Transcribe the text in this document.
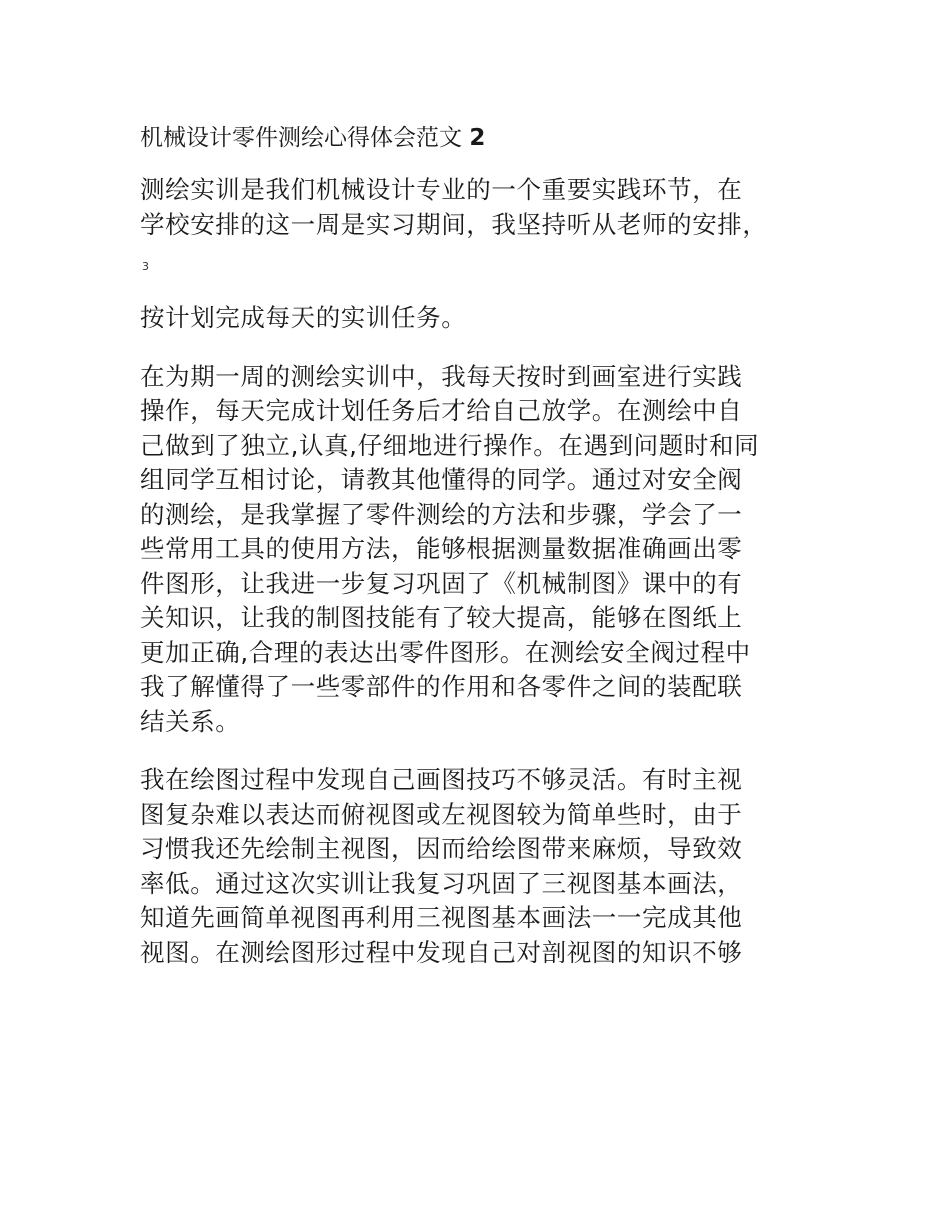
机械设计零件测绘心得体会范文 2

测绘实训是我们机械设计专业的一个重要实践环节，在
学校安排的这一周是实习期间，我坚持听从老师的安排，

3

按计划完成每天的实训任务。

在为期一周的测绘实训中，我每天按时到画室进行实践
操作，每天完成计划任务后才给自己放学。在测绘中自
己做到了独立,认真,仔细地进行操作。在遇到问题时和同
组同学互相讨论，请教其他懂得的同学。通过对安全阀
的测绘，是我掌握了零件测绘的方法和步骤，学会了一
些常用工具的使用方法，能够根据测量数据准确画出零
件图形，让我进一步复习巩固了《机械制图》课中的有
关知识，让我的制图技能有了较大提高，能够在图纸上
更加正确,合理的表达出零件图形。在测绘安全阀过程中
我了解懂得了一些零部件的作用和各零件之间的装配联
结关系。

我在绘图过程中发现自己画图技巧不够灵活。有时主视
图复杂难以表达而俯视图或左视图较为简单些时，由于
习惯我还先绘制主视图，因而给绘图带来麻烦，导致效
率低。通过这次实训让我复习巩固了三视图基本画法，
知道先画简单视图再利用三视图基本画法一一完成其他
视图。在测绘图形过程中发现自己对剖视图的知识不够
